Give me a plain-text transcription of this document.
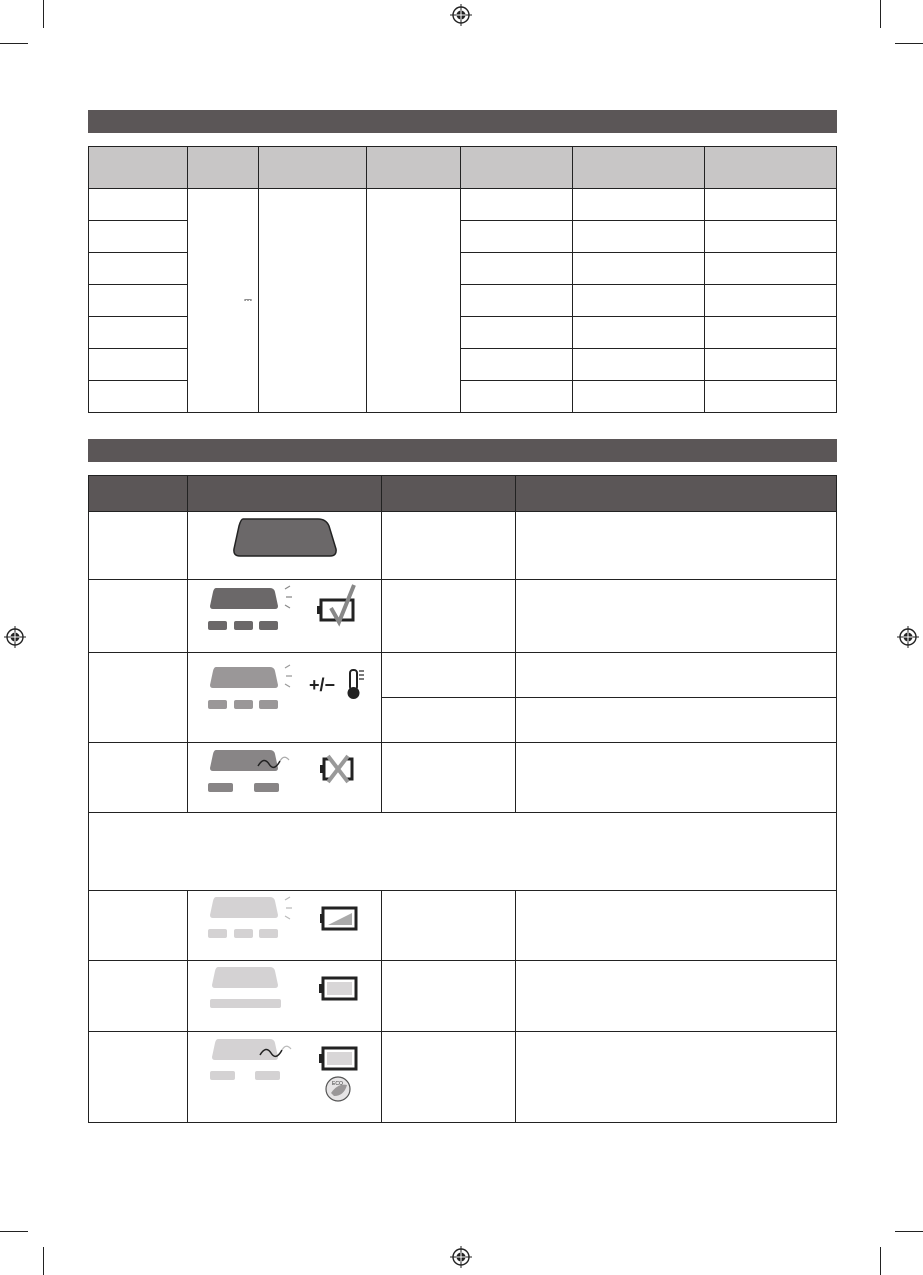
	⎓					

+/−		

ECO		
